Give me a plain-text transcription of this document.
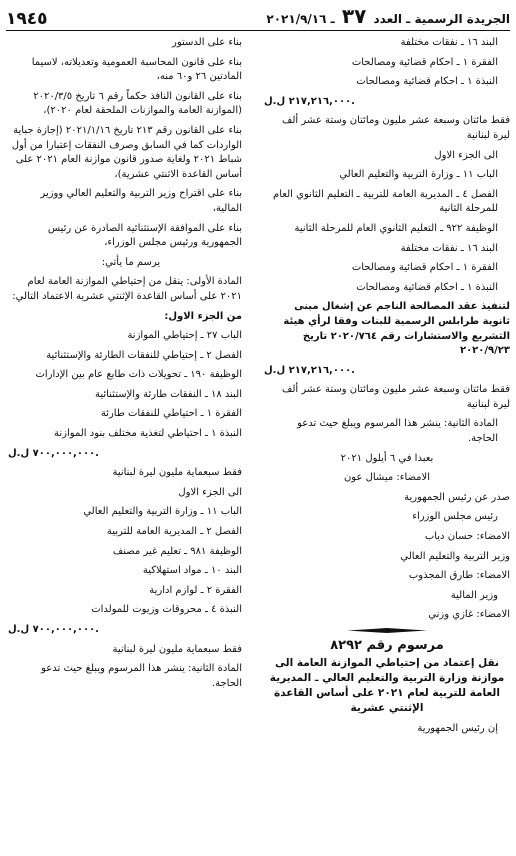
الجريدة الرسمية ـ العدد ٣٧ ـ ٢٠٢١/٩/١٦
١٩٤٥

البند ١٦ ـ نفقات مختلفة

الفقرة ١ ـ احكام قضائية ومصالحات

النبذة ١ ـ احكام قضائية ومصالحات

٢١٧,٢١٦,٠٠٠ ل.ل.

فقط مائتان وسبعة عشر مليون ومائتان وستة عشر ألف ليرة لبنانية

الى الجزء الاول

الباب ١١ ـ وزارة التربية والتعليم العالي

الفصل ٤ ـ المديرية العامة للتربية ـ التعليم الثانوي العام للمرحلة الثانية

الوظيفة ٩٢٢ ـ التعليم الثانوي العام للمرحلة الثانية

البند ١٦ ـ نفقات مختلفة

الفقرة ١ ـ احكام قضائية ومصالحات

النبذة ١ ـ احكام قضائية ومصالحات

لتنفيذ عقد المصالحة الناجم عن إشغال مبنى ثانوية طرابلس الرسمية للبنات وفقا لرأي هيئة التشريع والاستشارات رقم ٢٠٢٠/٧٦٤ تاريخ ٢٠٢٠/٩/٢٣

٢١٧,٢١٦,٠٠٠ ل.ل.

فقط مائتان وسبعة عشر مليون ومائتان وستة عشر ألف ليرة لبنانية

المادة الثانية: ينشر هذا المرسوم ويبلغ حيث تدعو الحاجة.

بعبدا في ٦ أيلول ٢٠٢١

الامضاء: ميشال عون

صدر عن رئيس الجمهورية

رئيس مجلس الوزراء

الامضاء: حسان دياب

وزير التربية والتعليم العالي

الامضاء: طارق المجذوب

وزير المالية

الامضاء: غازي وزني

مرسوم رقم ٨٢٩٢
نقل إعتماد من إحتياطي الموازنة العامة الى موازنة وزارة التربية والتعليم العالي ـ المديرية العامة للتربية لعام ٢٠٢١ على أساس القاعدة الإثنتي عشرية

إن رئيس الجمهورية

بناء على الدستور

بناء على قانون المحاسبة العمومية وتعديلاته، لاسيما المادتين ٢٦ و٦٠ منه،

بناء على القانون النافذ حكماً رقم ٦ تاريخ ٢٠٢٠/٣/٥ (الموازنة العامة والموازنات الملحقة لعام ٢٠٢٠)،

بناء على القانون رقم ٢١٣ تاريخ ٢٠٢١/١/١٦ (إجازة جباية الواردات كما في السابق وصرف النفقات إعتبارا من أول شباط ٢٠٢١ ولغاية صدور قانون موازنة العام ٢٠٢١ على أساس القاعدة الاثنتي عشرية)،

بناء على اقتراح وزير التربية والتعليم العالي ووزير المالية،

بناء على الموافقة الإستثنائية الصادرة عن رئيس الجمهورية ورئيس مجلس الوزراء،

يرسم ما يأتي:

المادة الأولى: ينقل من إحتياطي الموازنة العامة لعام ٢٠٢١ على أساس القاعدة الإثنتي عشرية الاعتماد التالي:

من الجزء الاول:

الباب ٢٧ ـ إحتياطي الموازنة

الفصل ٢ ـ إحتياطي للنفقات الطارئة والإستثنائية

الوظيفة ١٩٠ ـ تحويلات ذات طابع عام بين الإدارات

البند ١٨ ـ النفقات طارئة والإستثنائية

الفقرة ١ ـ احتياطي للنفقات طارئة

النبذة ١ ـ احتياطي لتغذية مختلف بنود الموازنة

٧٠٠,٠٠٠,٠٠٠ ل.ل.

فقط سبعماية مليون ليرة لبنانية

الى الجزء الاول

الباب ١١ ـ وزارة التربية والتعليم العالي

الفصل ٢ ـ المديرية العامة للتربية

الوظيفة ٩٨١ ـ تعليم غير مصنف

البند ١٠ ـ مواد استهلاكية

الفقرة ٢ ـ لوازم ادارية

النبذة ٤ ـ محروقات وزيوت للمولدات

٧٠٠,٠٠٠,٠٠٠ ل.ل.

فقط سبعماية مليون ليرة لبنانية

المادة الثانية: ينشر هذا المرسوم ويبلغ حيث تدعو الحاجة.
